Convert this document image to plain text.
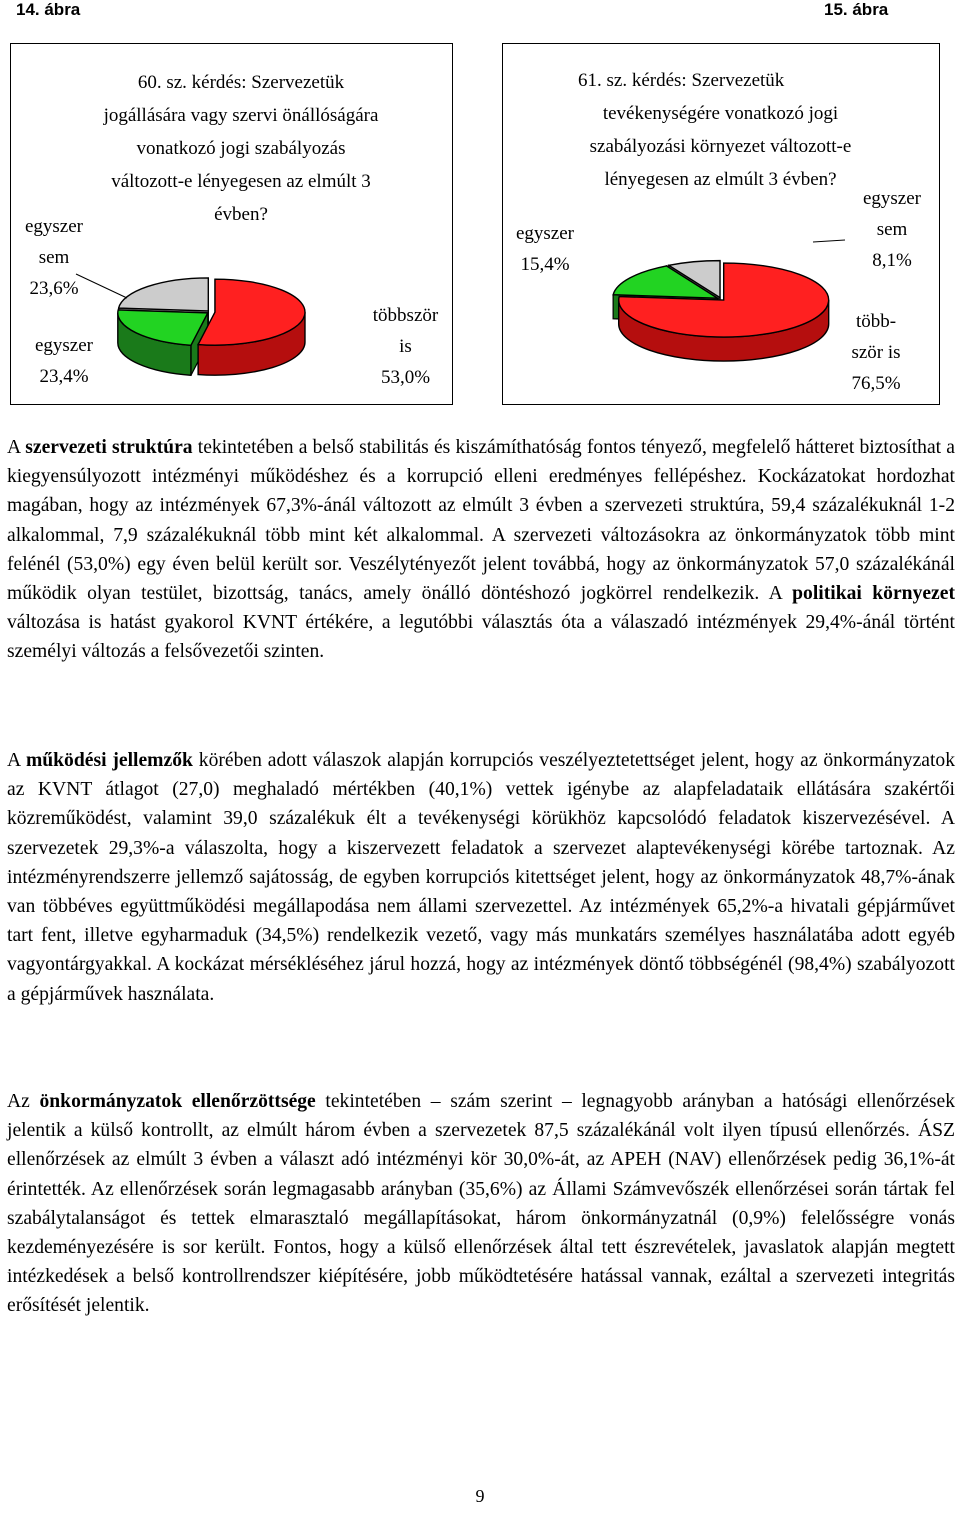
14. ábra	15. ábra
60. sz. kérdés: Szervezetük
jogállására vagy szervi önállóságára
vonatkozó jogi szabályozás
változott-e lényegesen az elmúlt 3
évben?
egyszer
sem
23,6%
egyszer
23,4%
többször
is
53,0%
61. sz. kérdés: Szervezetük
tevékenységére vonatkozó jogi
szabályozási környezet változott-e
lényegesen az elmúlt 3 évben?
egyszer
15,4%
egyszer
sem
8,1%
több-
ször is
76,5%

A szervezeti struktúra tekintetében a belső stabilitás és kiszámíthatóság fontos tényező, megfelelő hátteret biztosíthat a kiegyensúlyozott intézményi működéshez és a korrupció elleni eredményes fellépéshez. Kockázatokat hordozhat magában, hogy az intézmények 67,3%-ánál változott az elmúlt 3 évben a szervezeti struktúra, 59,4 százalékuknál 1-2 alkalommal, 7,9 százalékuknál több mint két alkalommal. A szervezeti változásokra az önkormányzatok több mint felénél (53,0%) egy éven belül került sor. Veszélytényezőt jelent továbbá, hogy az önkormányzatok 57,0 százalékánál működik olyan testület, bizottság, tanács, amely önálló döntéshozó jogkörrel rendelkezik. A politikai környezet változása is hatást gyakorol KVNT értékére, a legutóbbi választás óta a válaszadó intézmények 29,4%-ánál történt személyi változás a felsővezetői szinten.

A működési jellemzők körében adott válaszok alapján korrupciós veszélyeztetettséget jelent, hogy az önkormányzatok az KVNT átlagot (27,0) meghaladó mértékben (40,1%) vettek igénybe az alapfeladataik ellátására szakértői közreműködést, valamint 39,0 százalékuk élt a tevékenységi körükhöz kapcsolódó feladatok kiszervezésével. A szervezetek 29,3%-a válaszolta, hogy a kiszervezett feladatok a szervezet alaptevékenységi körébe tartoznak. Az intézményrendszerre jellemző sajátosság, de egyben korrupciós kitettséget jelent, hogy az önkormányzatok 48,7%-ának van többéves együttműködési megállapodása nem állami szervezettel. Az intézmények 65,2%-a hivatali gépjárművet tart fent, illetve egyharmaduk (34,5%) rendelkezik vezető, vagy más munkatárs személyes használatába adott egyéb vagyontárgyakkal. A kockázat mérsékléséhez járul hozzá, hogy az intézmények döntő többségénél (98,4%) szabályozott a gépjárművek használata.

Az önkormányzatok ellenőrzöttsége tekintetében – szám szerint – legnagyobb arányban a hatósági ellenőrzések jelentik a külső kontrollt, az elmúlt három évben a szervezetek 87,5 százalékánál volt ilyen típusú ellenőrzés. ÁSZ ellenőrzések az elmúlt 3 évben a választ adó intézményi kör 30,0%-át, az APEH (NAV) ellenőrzések pedig 36,1%-át érintették. Az ellenőrzések során legmagasabb arányban (35,6%) az Állami Számvevőszék ellenőrzései során tártak fel szabálytalanságot és tettek elmarasztaló megállapításokat, három önkormányzatnál (0,9%) felelősségre vonás kezdeményezésére is sor került. Fontos, hogy a külső ellenőrzések által tett észrevételek, javaslatok alapján megtett intézkedések a belső kontrollrendszer kiépítésére, jobb működtetésére hatással vannak, ezáltal a szervezeti integritás erősítését jelentik.

9
